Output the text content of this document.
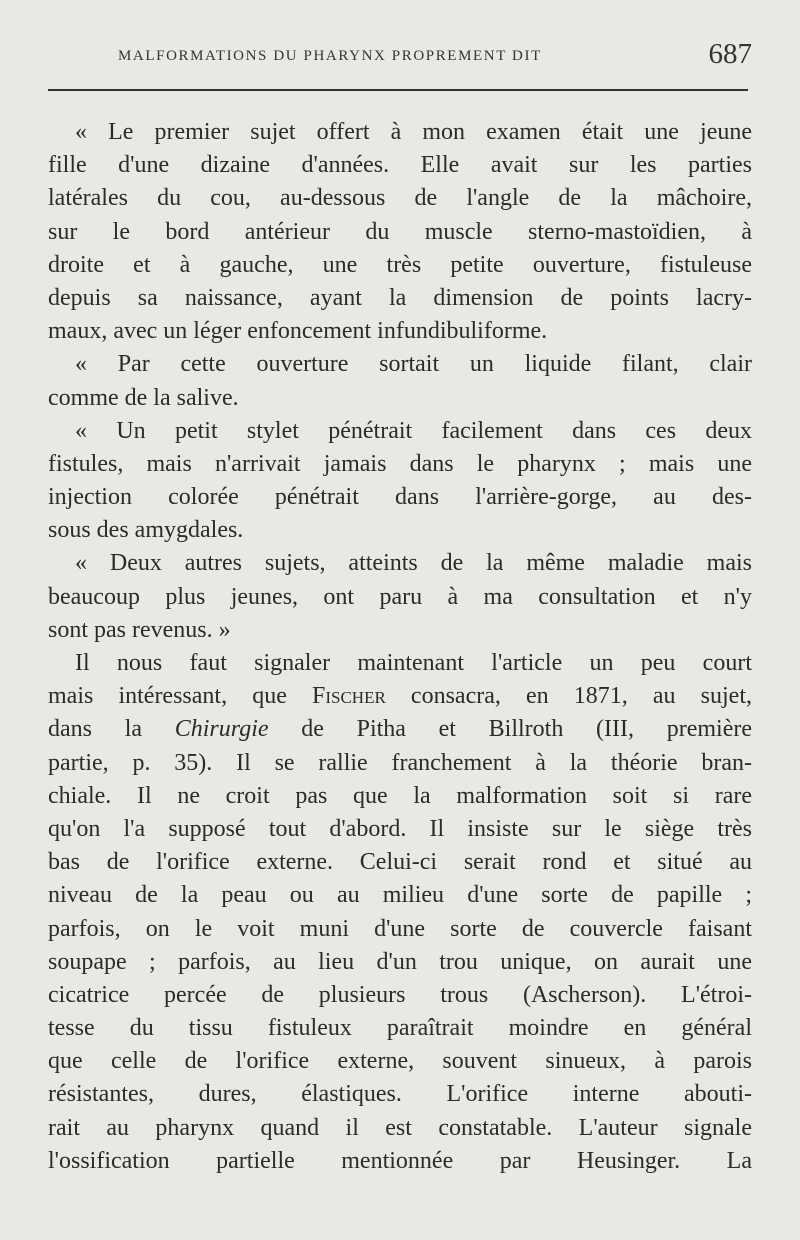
MALFORMATIONS DU PHARYNX PROPREMENT DIT	687
« Le premier sujet offert à mon examen était une jeune
fille d'une dizaine d'années. Elle avait sur les parties
latérales du cou, au-dessous de l'angle de la mâchoire,
sur le bord antérieur du muscle sterno-mastoïdien, à
droite et à gauche, une très petite ouverture, fistuleuse
depuis sa naissance, ayant la dimension de points lacry-
maux, avec un léger enfoncement infundibuliforme.
« Par cette ouverture sortait un liquide filant, clair
comme de la salive.
« Un petit stylet pénétrait facilement dans ces deux
fistules, mais n'arrivait jamais dans le pharynx ; mais une
injection colorée pénétrait dans l'arrière-gorge, au des-
sous des amygdales.
« Deux autres sujets, atteints de la même maladie mais
beaucoup plus jeunes, ont paru à ma consultation et n'y
sont pas revenus. »
Il nous faut signaler maintenant l'article un peu court
mais intéressant, que Fischer consacra, en 1871, au sujet,
dans la Chirurgie de Pitha et Billroth (III, première
partie, p. 35). Il se rallie franchement à la théorie bran-
chiale. Il ne croit pas que la malformation soit si rare
qu'on l'a supposé tout d'abord. Il insiste sur le siège très
bas de l'orifice externe. Celui-ci serait rond et situé au
niveau de la peau ou au milieu d'une sorte de papille ;
parfois, on le voit muni d'une sorte de couvercle faisant
soupape ; parfois, au lieu d'un trou unique, on aurait une
cicatrice percée de plusieurs trous (Ascherson). L'étroi-
tesse du tissu fistuleux paraîtrait moindre en général
que celle de l'orifice externe, souvent sinueux, à parois
résistantes, dures, élastiques. L'orifice interne abouti-
rait au pharynx quand il est constatable. L'auteur signale
l'ossification partielle mentionnée par Heusinger. La
